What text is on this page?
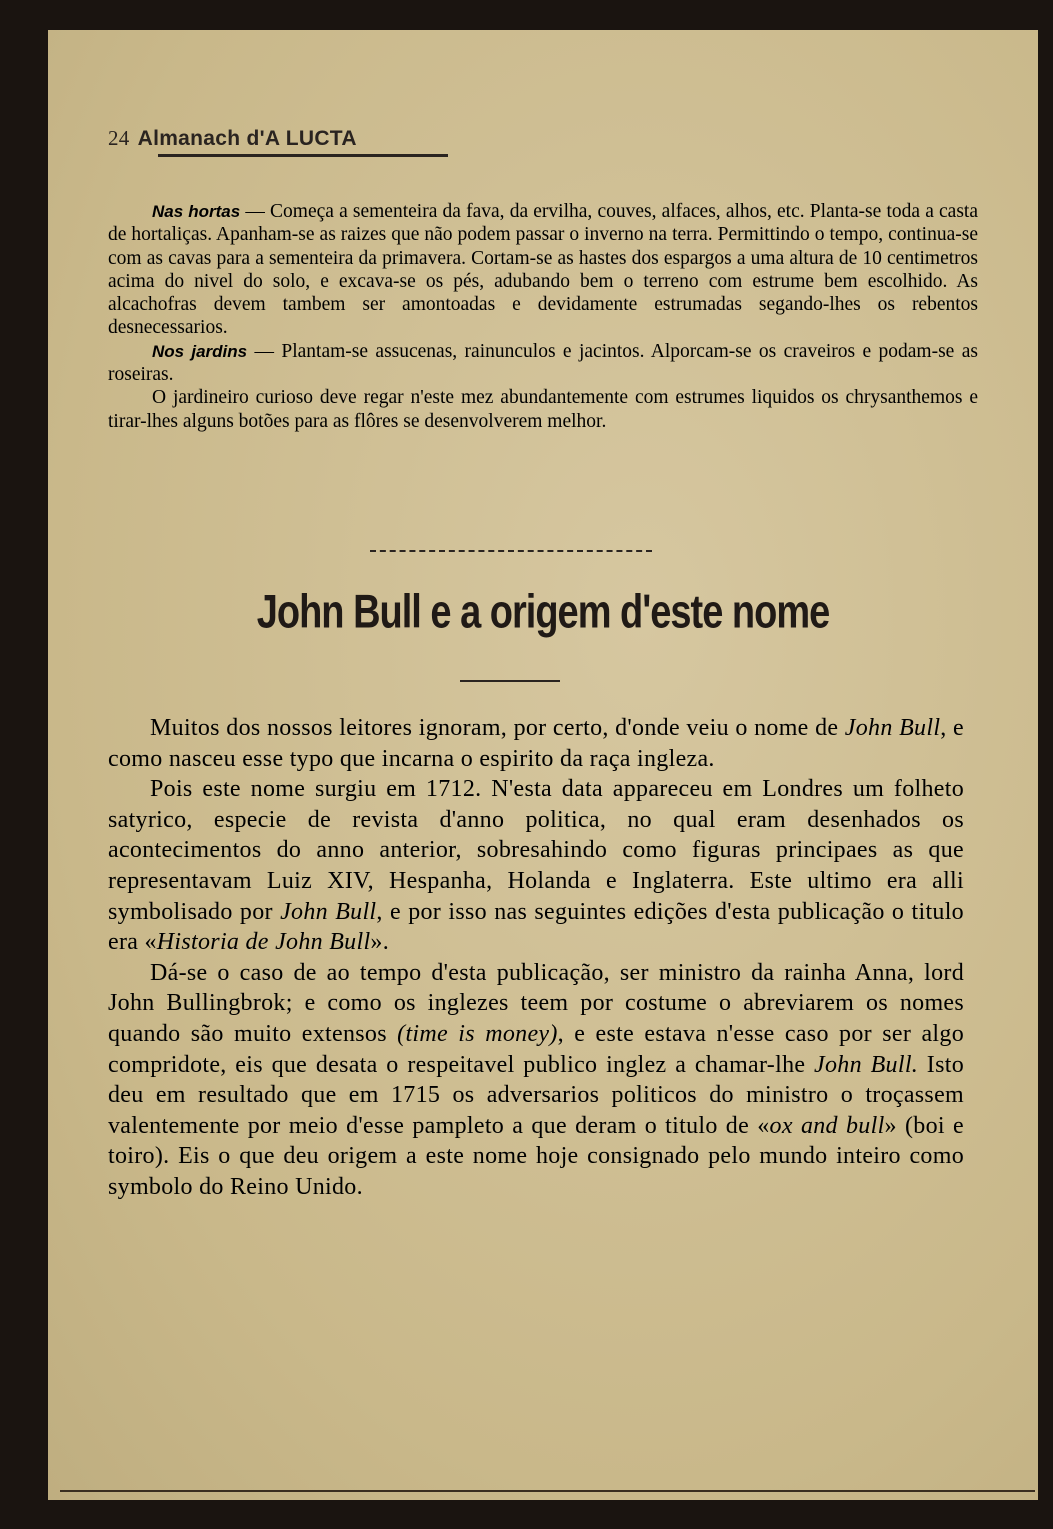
24 Almanach d'A LUCTA
Nas hortas — Começa a sementeira da fava, da ervilha, couves, alfaces, alhos, etc. Planta-se toda a casta de hortaliças. Apanham-se as raizes que não podem passar o inverno na terra. Permittindo o tempo, continua-se com as cavas para a sementeira da primavera. Cortam-se as hastes dos espargos a uma altura de 10 centimetros acima do nivel do solo, e excava-se os pés, adubando bem o terreno com estrume bem escolhido. As alcachofras devem tambem ser amontoadas e devidamente estrumadas segando-lhes os rebentos desnecessarios.

Nos jardins — Plantam-se assucenas, rainunculos e jacintos. Alporcam-se os craveiros e podam-se as roseiras.
O jardineiro curioso deve regar n'este mez abundantemente com estrumes liquidos os chrysanthemos e tirar-lhes alguns botões para as flôres se desenvolverem melhor.
John Bull e a origem d'este nome
Muitos dos nossos leitores ignoram, por certo, d'onde veiu o nome de John Bull, e como nasceu esse typo que incarna o espirito da raça ingleza.
Pois este nome surgiu em 1712. N'esta data appareceu em Londres um folheto satyrico, especie de revista d'anno politica, no qual eram desenhados os acontecimentos do anno anterior, sobresahindo como figuras principaes as que representavam Luiz XIV, Hespanha, Holanda e Inglaterra. Este ultimo era alli symbolisado por John Bull, e por isso nas seguintes edições d'esta publicação o titulo era «Historia de John Bull».
Dá-se o caso de ao tempo d'esta publicação, ser ministro da rainha Anna, lord John Bullingbrok; e como os inglezes teem por costume o abreviarem os nomes quando são muito extensos (time is money), e este estava n'esse caso por ser algo compridote, eis que desata o respeitavel publico inglez a chamar-lhe John Bull. Isto deu em resultado que em 1715 os adversarios politicos do ministro o troçassem valentemente por meio d'esse pampleto a que deram o titulo de «ox and bull» (boi e toiro). Eis o que deu origem a este nome hoje consignado pelo mundo inteiro como symbolo do Reino Unido.
